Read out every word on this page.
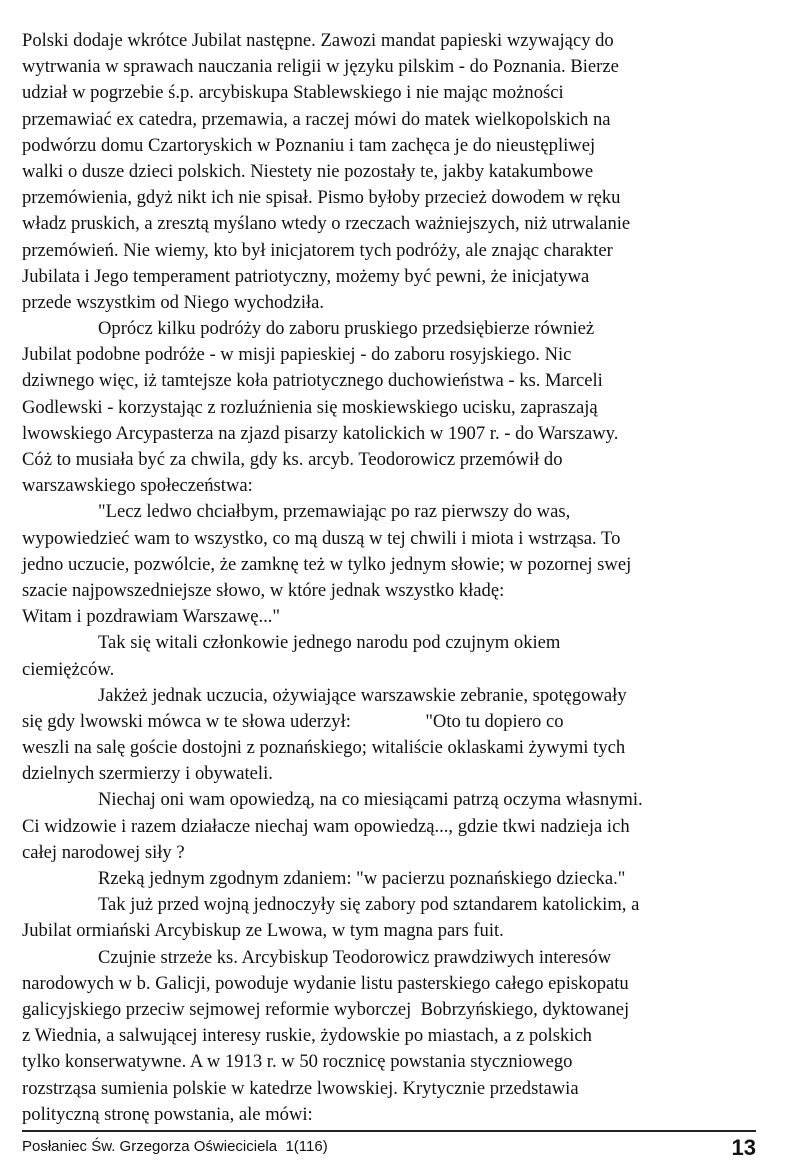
Polski dodaje wkrótce Jubilat następne. Zawozi mandat papieski wzywający do
wytrwania w sprawach nauczania religii w języku pilskim - do Poznania. Bierze
udział w pogrzebie ś.p. arcybiskupa Stablewskiego i nie mając możności
przemawiać ex catedra, przemawia, a raczej mówi do matek wielkopolskich na
podwórzu domu Czartoryskich w Poznaniu i tam zachęca je do nieustępliwej
walki o dusze dzieci polskich. Niestety nie pozostały te, jakby katakumbowe
przemówienia, gdyż nikt ich nie spisał. Pismo byłoby przecież dowodem w ręku
władz pruskich, a zresztą myślano wtedy o rzeczach ważniejszych, niż utrwalanie
przemówień. Nie wiemy, kto był inicjatorem tych podróży, ale znając charakter
Jubilata i Jego temperament patriotyczny, możemy być pewni, że inicjatywa
przede wszystkim od Niego wychodziła.
Oprócz kilku podróży do zaboru pruskiego przedsiębierze również
Jubilat podobne podróże - w misji papieskiej - do zaboru rosyjskiego. Nic
dziwnego więc, iż tamtejsze koła patriotycznego duchowieństwa - ks. Marceli
Godlewski - korzystając z rozluźnienia się moskiewskiego ucisku, zapraszają
lwowskiego Arcypasterza na zjazd pisarzy katolickich w 1907 r. - do Warszawy.
Cóż to musiała być za chwila, gdy ks. arcyb. Teodorowicz przemówił do
warszawskiego społeczeństwa:
"Lecz ledwo chciałbym, przemawiając po raz pierwszy do was,
wypowiedzieć wam to wszystko, co mą duszą w tej chwili i miota i wstrząsa. To
jedno uczucie, pozwólcie, że zamknę też w tylko jednym słowie; w pozornej swej
szacie najpowszedniejsze słowo, w które jednak wszystko kładę:
Witam i pozdrawiam Warszawę..."
Tak się witali członkowie jednego narodu pod czujnym okiem
ciemiężców.
Jakżeż jednak uczucia, ożywiające warszawskie zebranie, spotęgowały
się gdy lwowski mówca w te słowa uderzył:                "Oto tu dopiero co
weszli na salę goście dostojni z poznańskiego; witaliście oklaskami żywymi tych
dzielnych szermierzy i obywateli.
Niechaj oni wam opowiedzą, na co miesiącami patrzą oczyma własnymi.
Ci widzowie i razem działacze niechaj wam opowiedzą..., gdzie tkwi nadzieja ich
całej narodowej siły ?
Rzeką jednym zgodnym zdaniem: "w pacierzu poznańskiego dziecka."
Tak już przed wojną jednoczyły się zabory pod sztandarem katolickim, a
Jubilat ormiański Arcybiskup ze Lwowa, w tym magna pars fuit.
Czujnie strzeże ks. Arcybiskup Teodorowicz prawdziwych interesów
narodowych w b. Galicji, powoduje wydanie listu pasterskiego całego episkopatu
galicyjskiego przeciw sejmowej reformie wyborczej  Bobrzyńskiego, dyktowanej
z Wiednia, a salwującej interesy ruskie, żydowskie po miastach, a z polskich
tylko konserwatywne. A w 1913 r. w 50 rocznicę powstania styczniowego
rozstrząsa sumienia polskie w katedrze lwowskiej. Krytycznie przedstawia
polityczną stronę powstania, ale mówi:
Posłaniec Św. Grzegorza Oświeciciela  1(116)	13
